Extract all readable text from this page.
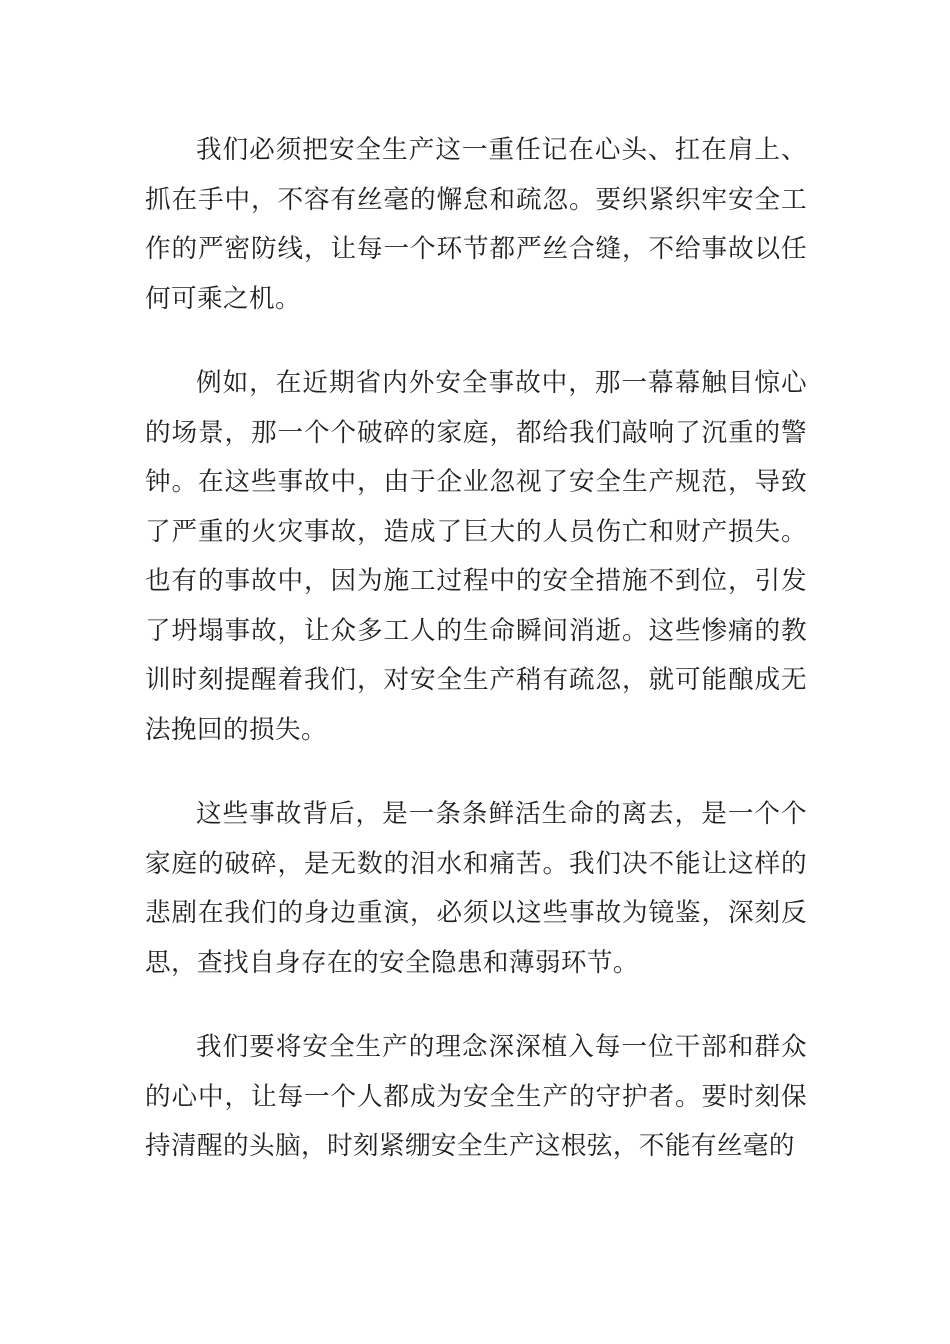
我们必须把安全生产这一重任记在心头、扛在肩上、抓在手中，不容有丝毫的懈怠和疏忽。要织紧织牢安全工作的严密防线，让每一个环节都严丝合缝，不给事故以任何可乘之机。

例如，在近期省内外安全事故中，那一幕幕触目惊心的场景，那一个个破碎的家庭，都给我们敲响了沉重的警钟。在这些事故中，由于企业忽视了安全生产规范，导致了严重的火灾事故，造成了巨大的人员伤亡和财产损失。也有的事故中，因为施工过程中的安全措施不到位，引发了坍塌事故，让众多工人的生命瞬间消逝。这些惨痛的教训时刻提醒着我们，对安全生产稍有疏忽，就可能酿成无法挽回的损失。

这些事故背后，是一条条鲜活生命的离去，是一个个家庭的破碎，是无数的泪水和痛苦。我们决不能让这样的悲剧在我们的身边重演，必须以这些事故为镜鉴，深刻反思，查找自身存在的安全隐患和薄弱环节。

我们要将安全生产的理念深深植入每一位干部和群众的心中，让每一个人都成为安全生产的守护者。要时刻保持清醒的头脑，时刻紧绷安全生产这根弦，不能有丝毫的
